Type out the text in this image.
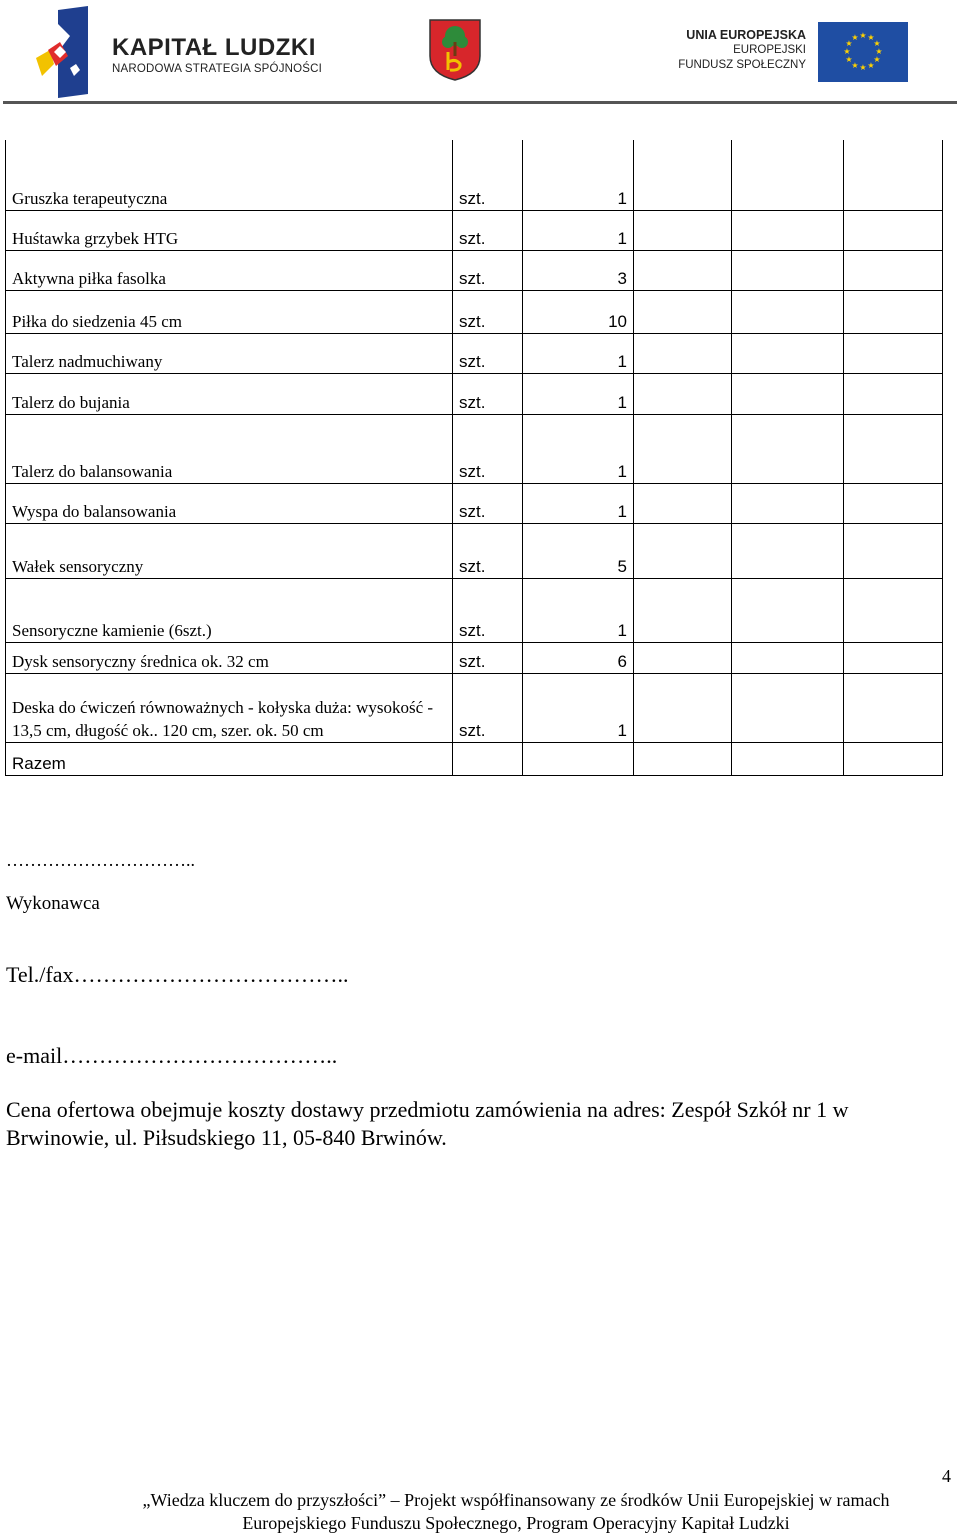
KAPITAŁ LUDZKI
NARODOWA STRATEGIA SPÓJNOŚCI
UNIA EUROPEJSKA
EUROPEJSKI
FUNDUSZ SPOŁECZNY
★ ★
★
★
★
★
★
★
★
★
★
★
Gruszka terapeutyczna	szt.	1			
Huśtawka grzybek HTG	szt.	1			
Aktywna piłka fasolka	szt.	3			
Piłka do siedzenia 45 cm	szt.	10			
Talerz nadmuchiwany	szt.	1			
Talerz do bujania	szt.	1			
Talerz do balansowania	szt.	1			
Wyspa do balansowania	szt.	1			
Wałek sensoryczny	szt.	5			
Sensoryczne kamienie (6szt.)	szt.	1			
Dysk sensoryczny średnica ok. 32 cm	szt.	6			
Deska do ćwiczeń równoważnych - kołyska duża: wysokość - 13,5 cm, długość ok.. 120 cm, szer. ok. 50 cm	szt.	1			
Razem					
…………………………..
Wykonawca
Tel./fax………………………………..
e-mail………………………………..
Cena ofertowa obejmuje koszty dostawy przedmiotu zamówienia na adres: Zespół Szkół nr 1 w Brwinowie, ul. Piłsudskiego 11, 05-840 Brwinów.
4
„Wiedza kluczem do przyszłości” – Projekt współfinansowany ze środków Unii Europejskiej w ramach
Europejskiego Funduszu Społecznego, Program Operacyjny Kapitał Ludzki
